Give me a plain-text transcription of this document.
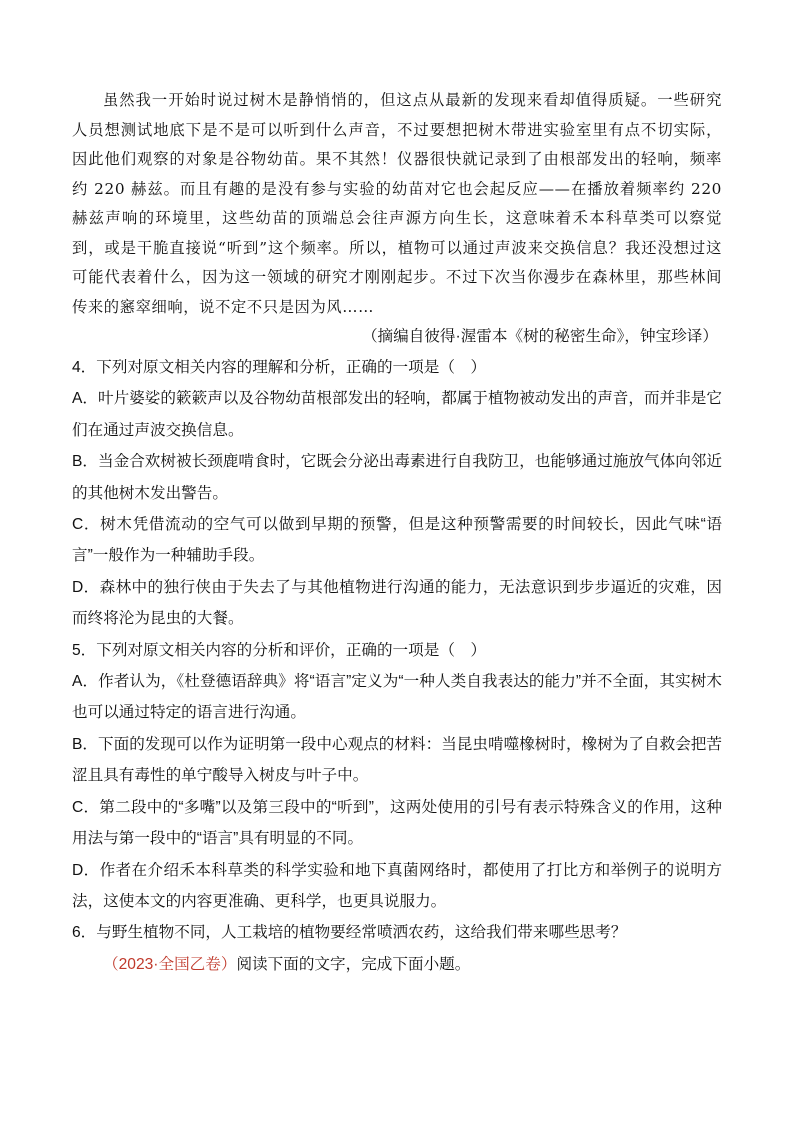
虽然我一开始时说过树木是静悄悄的，但这点从最新的发现来看却值得质疑。一些研究人员想测试地底下是不是可以听到什么声音，不过要想把树木带进实验室里有点不切实际，因此他们观察的对象是谷物幼苗。果不其然！仪器很快就记录到了由根部发出的轻响，频率约 220 赫兹。而且有趣的是没有参与实验的幼苗对它也会起反应——在播放着频率约 220 赫兹声响的环境里，这些幼苗的顶端总会往声源方向生长，这意味着禾本科草类可以察觉到，或是干脆直接说“听到”这个频率。所以，植物可以通过声波来交换信息？我还没想过这可能代表着什么，因为这一领域的研究才刚刚起步。不过下次当你漫步在森林里，那些林间传来的窸窣细响，说不定不只是因为风……

（摘编自彼得·渥雷本《树的秘密生命》，钟宝珍译）

4．下列对原文相关内容的理解和分析，正确的一项是（　）

A．叶片婆娑的簌簌声以及谷物幼苗根部发出的轻响，都属于植物被动发出的声音，而并非是它们在通过声波交换信息。

B．当金合欢树被长颈鹿啃食时，它既会分泌出毒素进行自我防卫，也能够通过施放气体向邻近的其他树木发出警告。

C．树木凭借流动的空气可以做到早期的预警，但是这种预警需要的时间较长，因此气味“语言”一般作为一种辅助手段。

D．森林中的独行侠由于失去了与其他植物进行沟通的能力，无法意识到步步逼近的灾难，因而终将沦为昆虫的大餐。

5．下列对原文相关内容的分析和评价，正确的一项是（　）

A．作者认为，《杜登德语辞典》将“语言”定义为“一种人类自我表达的能力”并不全面，其实树木也可以通过特定的语言进行沟通。

B．下面的发现可以作为证明第一段中心观点的材料：当昆虫啃噬橡树时，橡树为了自救会把苦涩且具有毒性的单宁酸导入树皮与叶子中。

C．第二段中的“多嘴”以及第三段中的“听到”，这两处使用的引号有表示特殊含义的作用，这种用法与第一段中的“语言”具有明显的不同。

D．作者在介绍禾本科草类的科学实验和地下真菌网络时，都使用了打比方和举例子的说明方法，这使本文的内容更准确、更科学，也更具说服力。

6．与野生植物不同，人工栽培的植物要经常喷洒农药，这给我们带来哪些思考？

（2023·全国乙卷）阅读下面的文字，完成下面小题。
